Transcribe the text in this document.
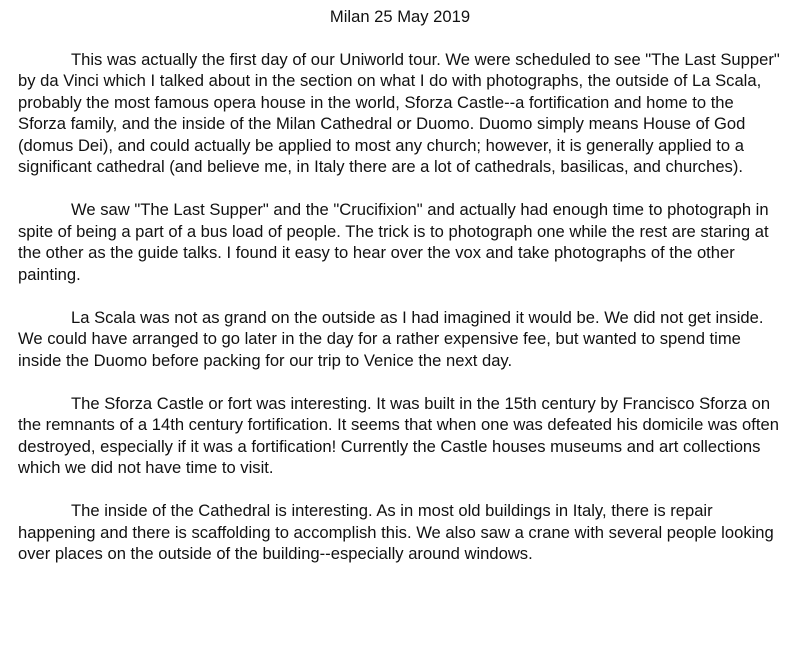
Milan 25 May 2019

This was actually the first day of our Uniworld tour. We were scheduled to see "The Last Supper" by da Vinci which I talked about in the section on what I do with photographs, the outside of La Scala, probably the most famous opera house in the world, Sforza Castle--a fortification and home to the Sforza family, and the inside of the Milan Cathedral or Duomo. Duomo simply means House of God (domus Dei), and could actually be applied to most any church; however, it is generally applied to a significant cathedral (and believe me, in Italy there are a lot of cathedrals, basilicas, and churches).

We saw "The Last Supper" and the "Crucifixion" and actually had enough time to photograph in spite of being a part of a bus load of people. The trick is to photograph one while the rest are staring at the other as the guide talks. I found it easy to hear over the vox and take photographs of the other painting.

La Scala was not as grand on the outside as I had imagined it would be. We did not get inside. We could have arranged to go later in the day for a rather expensive fee, but wanted to spend time inside the Duomo before packing for our trip to Venice the next day.

The Sforza Castle or fort was interesting. It was built in the 15th century by Francisco Sforza on the remnants of a 14th century fortification. It seems that when one was defeated his domicile was often destroyed, especially if it was a fortification! Currently the Castle houses museums and art collections which we did not have time to visit.

The inside of the Cathedral is interesting. As in most old buildings in Italy, there is repair happening and there is scaffolding to accomplish this. We also saw a crane with several people looking over places on the outside of the building--especially around windows.
